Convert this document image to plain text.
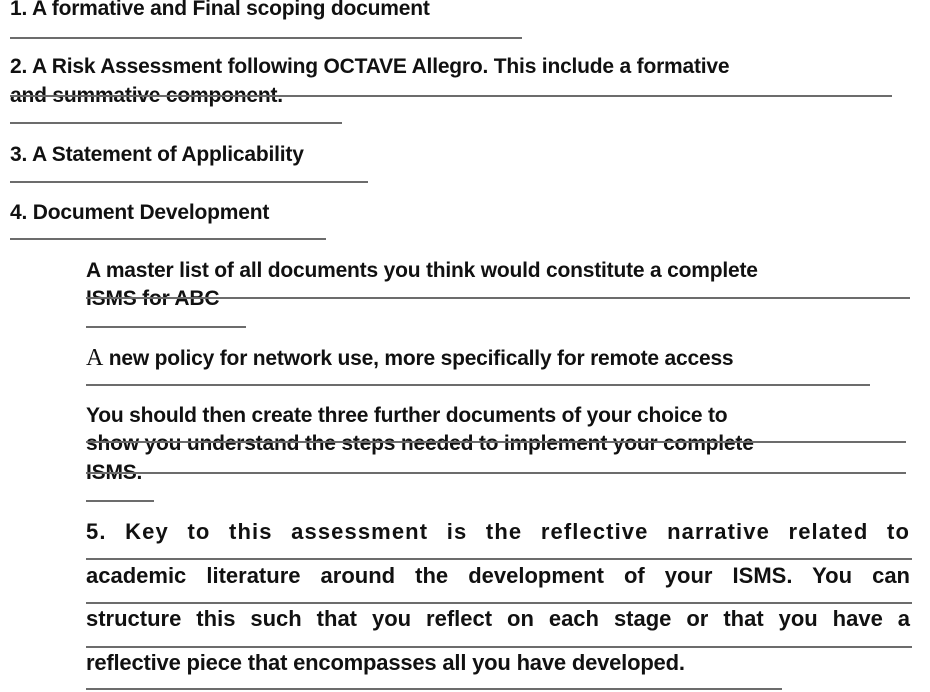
1. A formative and Final scoping document
2. A Risk Assessment following OCTAVE Allegro. This include a formative
and summative component.
3. A Statement of Applicability
4. Document Development
A master list of all documents you think would constitute a complete
ISMS for ABC
A new policy for network use, more specifically for remote access
You should then create three further documents of your choice to
show you understand the steps needed to implement your complete
ISMS.
5. Key to this assessment is the reflective narrative related to
academic literature around the development of your ISMS. You can
structure this such that you reflect on each stage or that you have a
reflective piece that encompasses all you have developed.
